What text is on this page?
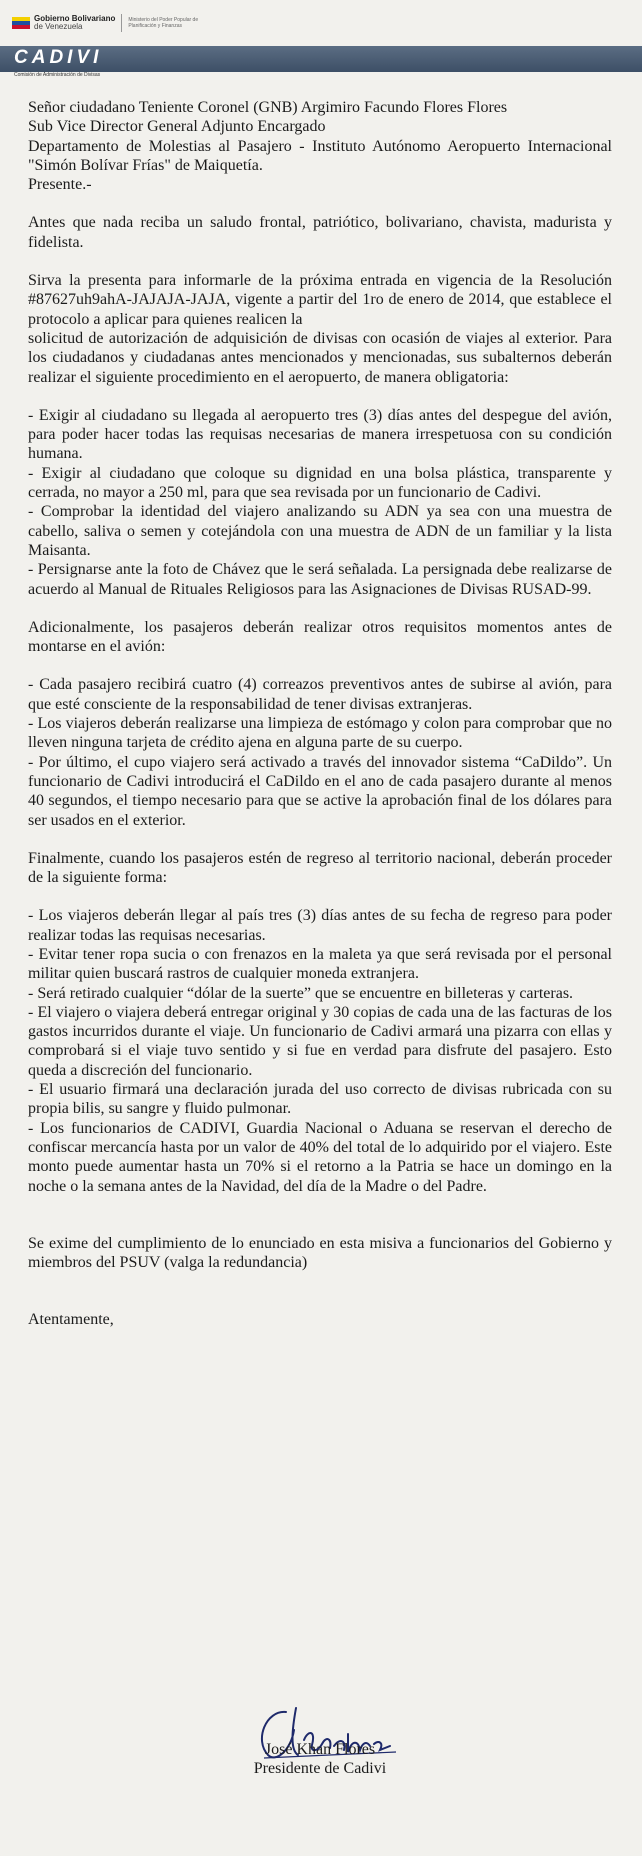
Gobierno Bolivariano
de Venezuela
Ministerio del Poder Popular de Planificación y Finanzas
CADIVI
Comisión de Administración de Divisas

Señor ciudadano Teniente Coronel (GNB) Argimiro Facundo Flores Flores

Sub Vice Director General Adjunto Encargado

Departamento de Molestias al Pasajero - Instituto Autónomo Aeropuerto Internacional "Simón Bolívar Frías" de Maiquetía.

Presente.-

Antes que nada reciba un saludo frontal, patriótico, bolivariano, chavista, madurista y fidelista.

Sirva la presenta para informarle de la próxima entrada en vigencia de la Resolución #87627uh9ahA-JAJAJA-JAJA, vigente a partir del 1ro de enero de 2014, que establece el protocolo a aplicar para quienes realicen la

solicitud de autorización de adquisición de divisas con ocasión de viajes al exterior. Para los ciudadanos y ciudadanas antes mencionados y mencionadas, sus subalternos deberán realizar el siguiente procedimiento en el aeropuerto, de manera obligatoria:

- Exigir al ciudadano su llegada al aeropuerto tres (3) días antes del despegue del avión, para poder hacer todas las requisas necesarias de manera irrespetuosa con su condición humana.

- Exigir al ciudadano que coloque su dignidad en una bolsa plástica, transparente y cerrada, no mayor a 250 ml, para que sea revisada por un funcionario de Cadivi.

- Comprobar la identidad del viajero analizando su ADN ya sea con una muestra de cabello, saliva o semen y cotejándola con una muestra de ADN de un familiar y la lista Maisanta.

- Persignarse ante la foto de Chávez que le será señalada. La persignada debe realizarse de acuerdo al Manual de Rituales Religiosos para las Asignaciones de Divisas RUSAD-99.

Adicionalmente, los pasajeros deberán realizar otros requisitos momentos antes de montarse en el avión:

- Cada pasajero recibirá cuatro (4) correazos preventivos antes de subirse al avión, para que esté consciente de la responsabilidad de tener divisas extranjeras.

- Los viajeros deberán realizarse una limpieza de estómago y colon para comprobar que no lleven ninguna tarjeta de crédito ajena en alguna parte de su cuerpo.

- Por último, el cupo viajero será activado a través del innovador sistema “CaDildo”. Un funcionario de Cadivi introducirá el CaDildo en el ano de cada pasajero durante al menos 40 segundos, el tiempo necesario para que se active la aprobación final de los dólares para ser usados en el exterior.

Finalmente, cuando los pasajeros estén de regreso al territorio nacional, deberán proceder de la siguiente forma:

- Los viajeros deberán llegar al país tres (3) días antes de su fecha de regreso para poder realizar todas las requisas necesarias.

- Evitar tener ropa sucia o con frenazos en la maleta ya que será revisada por el personal militar quien buscará rastros de cualquier moneda extranjera.

- Será retirado cualquier “dólar de la suerte” que se encuentre en billeteras y carteras.

- El viajero o viajera deberá entregar original y 30 copias de cada una de las facturas de los gastos incurridos durante el viaje. Un funcionario de Cadivi armará una pizarra con ellas y comprobará si el viaje tuvo sentido y si fue en verdad para disfrute del pasajero. Esto queda a discreción del funcionario.

- El usuario firmará una declaración jurada del uso correcto de divisas rubricada con su propia bilis, su sangre y fluido pulmonar.

- Los funcionarios de CADIVI, Guardia Nacional o Aduana se reservan el derecho de confiscar mercancía hasta por un valor de 40% del total de lo adquirido por el viajero. Este monto puede aumentar hasta un 70% si el retorno a la Patria se hace un domingo en la noche o la semana antes de la Navidad, del día de la Madre o del Padre.

Se exime del cumplimiento de lo enunciado en esta misiva a funcionarios del Gobierno y miembros del PSUV (valga la redundancia)

Atentamente,

José Khan Flores
Presidente de Cadivi
